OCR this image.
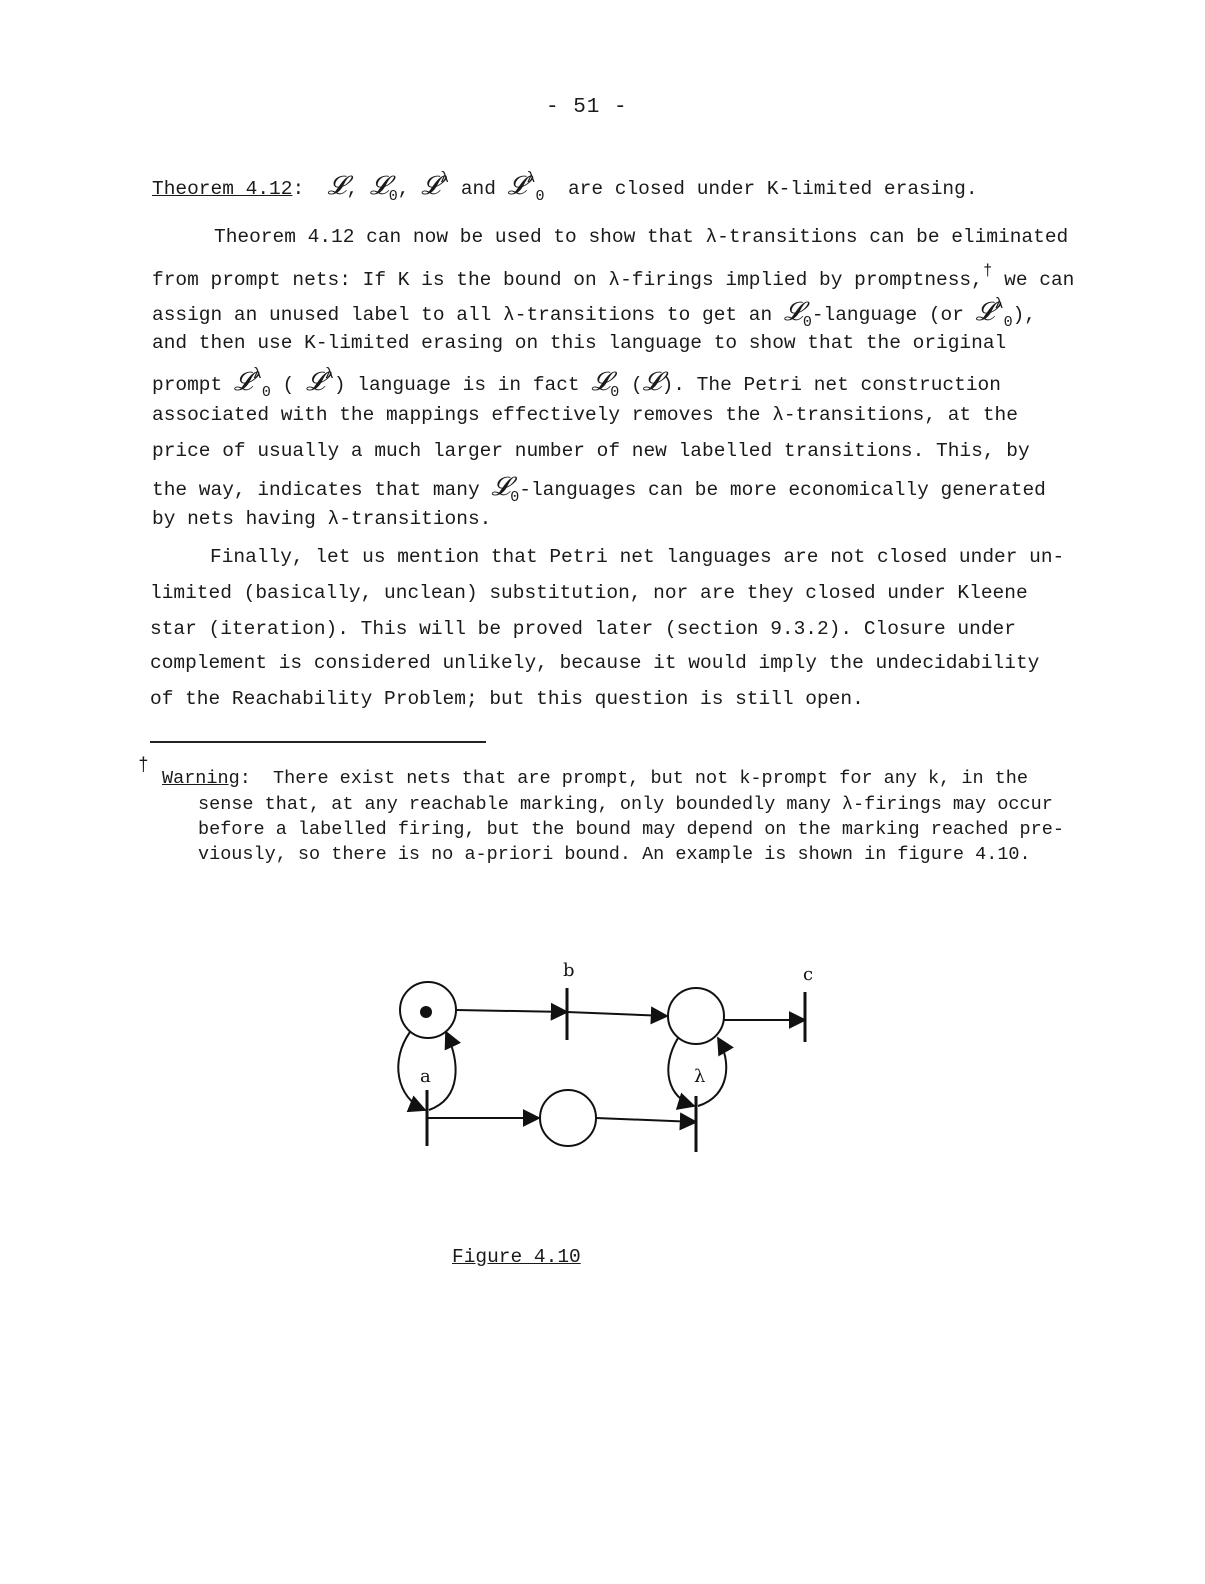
- 51 -
Theorem 4.12: 𝓛, 𝓛$_0$, 𝓛$^\lambda$ and 𝓛$^\lambda_0$ are closed under K-limited erasing.
Theorem 4.12 can now be used to show that λ-transitions can be eliminated
from prompt nets: If K is the bound on λ-firings implied by promptness,† we can
assign an unused label to all λ-transitions to get an 𝓛$_0$-language (or 𝓛$^\lambda_0$),
and then use K-limited erasing on this language to show that the original
prompt 𝓛$^\lambda_0$ ( 𝓛$^\lambda$) language is in fact 𝓛$_0$ (𝓛). The Petri net construction
associated with the mappings effectively removes the λ-transitions, at the
price of usually a much larger number of new labelled transitions. This, by
the way, indicates that many 𝓛$_0$-languages can be more economically generated
by nets having λ-transitions.
Finally, let us mention that Petri net languages are not closed under un-
limited (basically, unclean) substitution, nor are they closed under Kleene
star (iteration). This will be proved later (section 9.3.2). Closure under
complement is considered unlikely, because it would imply the undecidability
of the Reachability Problem; but this question is still open.
†
Warning: There exist nets that are prompt, but not k-prompt for any k, in the
sense that, at any reachable marking, only boundedly many λ-firings may occur
before a labelled firing, but the bound may depend on the marking reached pre-
viously, so there is no a-priori bound. An example is shown in figure 4.10.
b	c
a	λ
Figure 4.10
